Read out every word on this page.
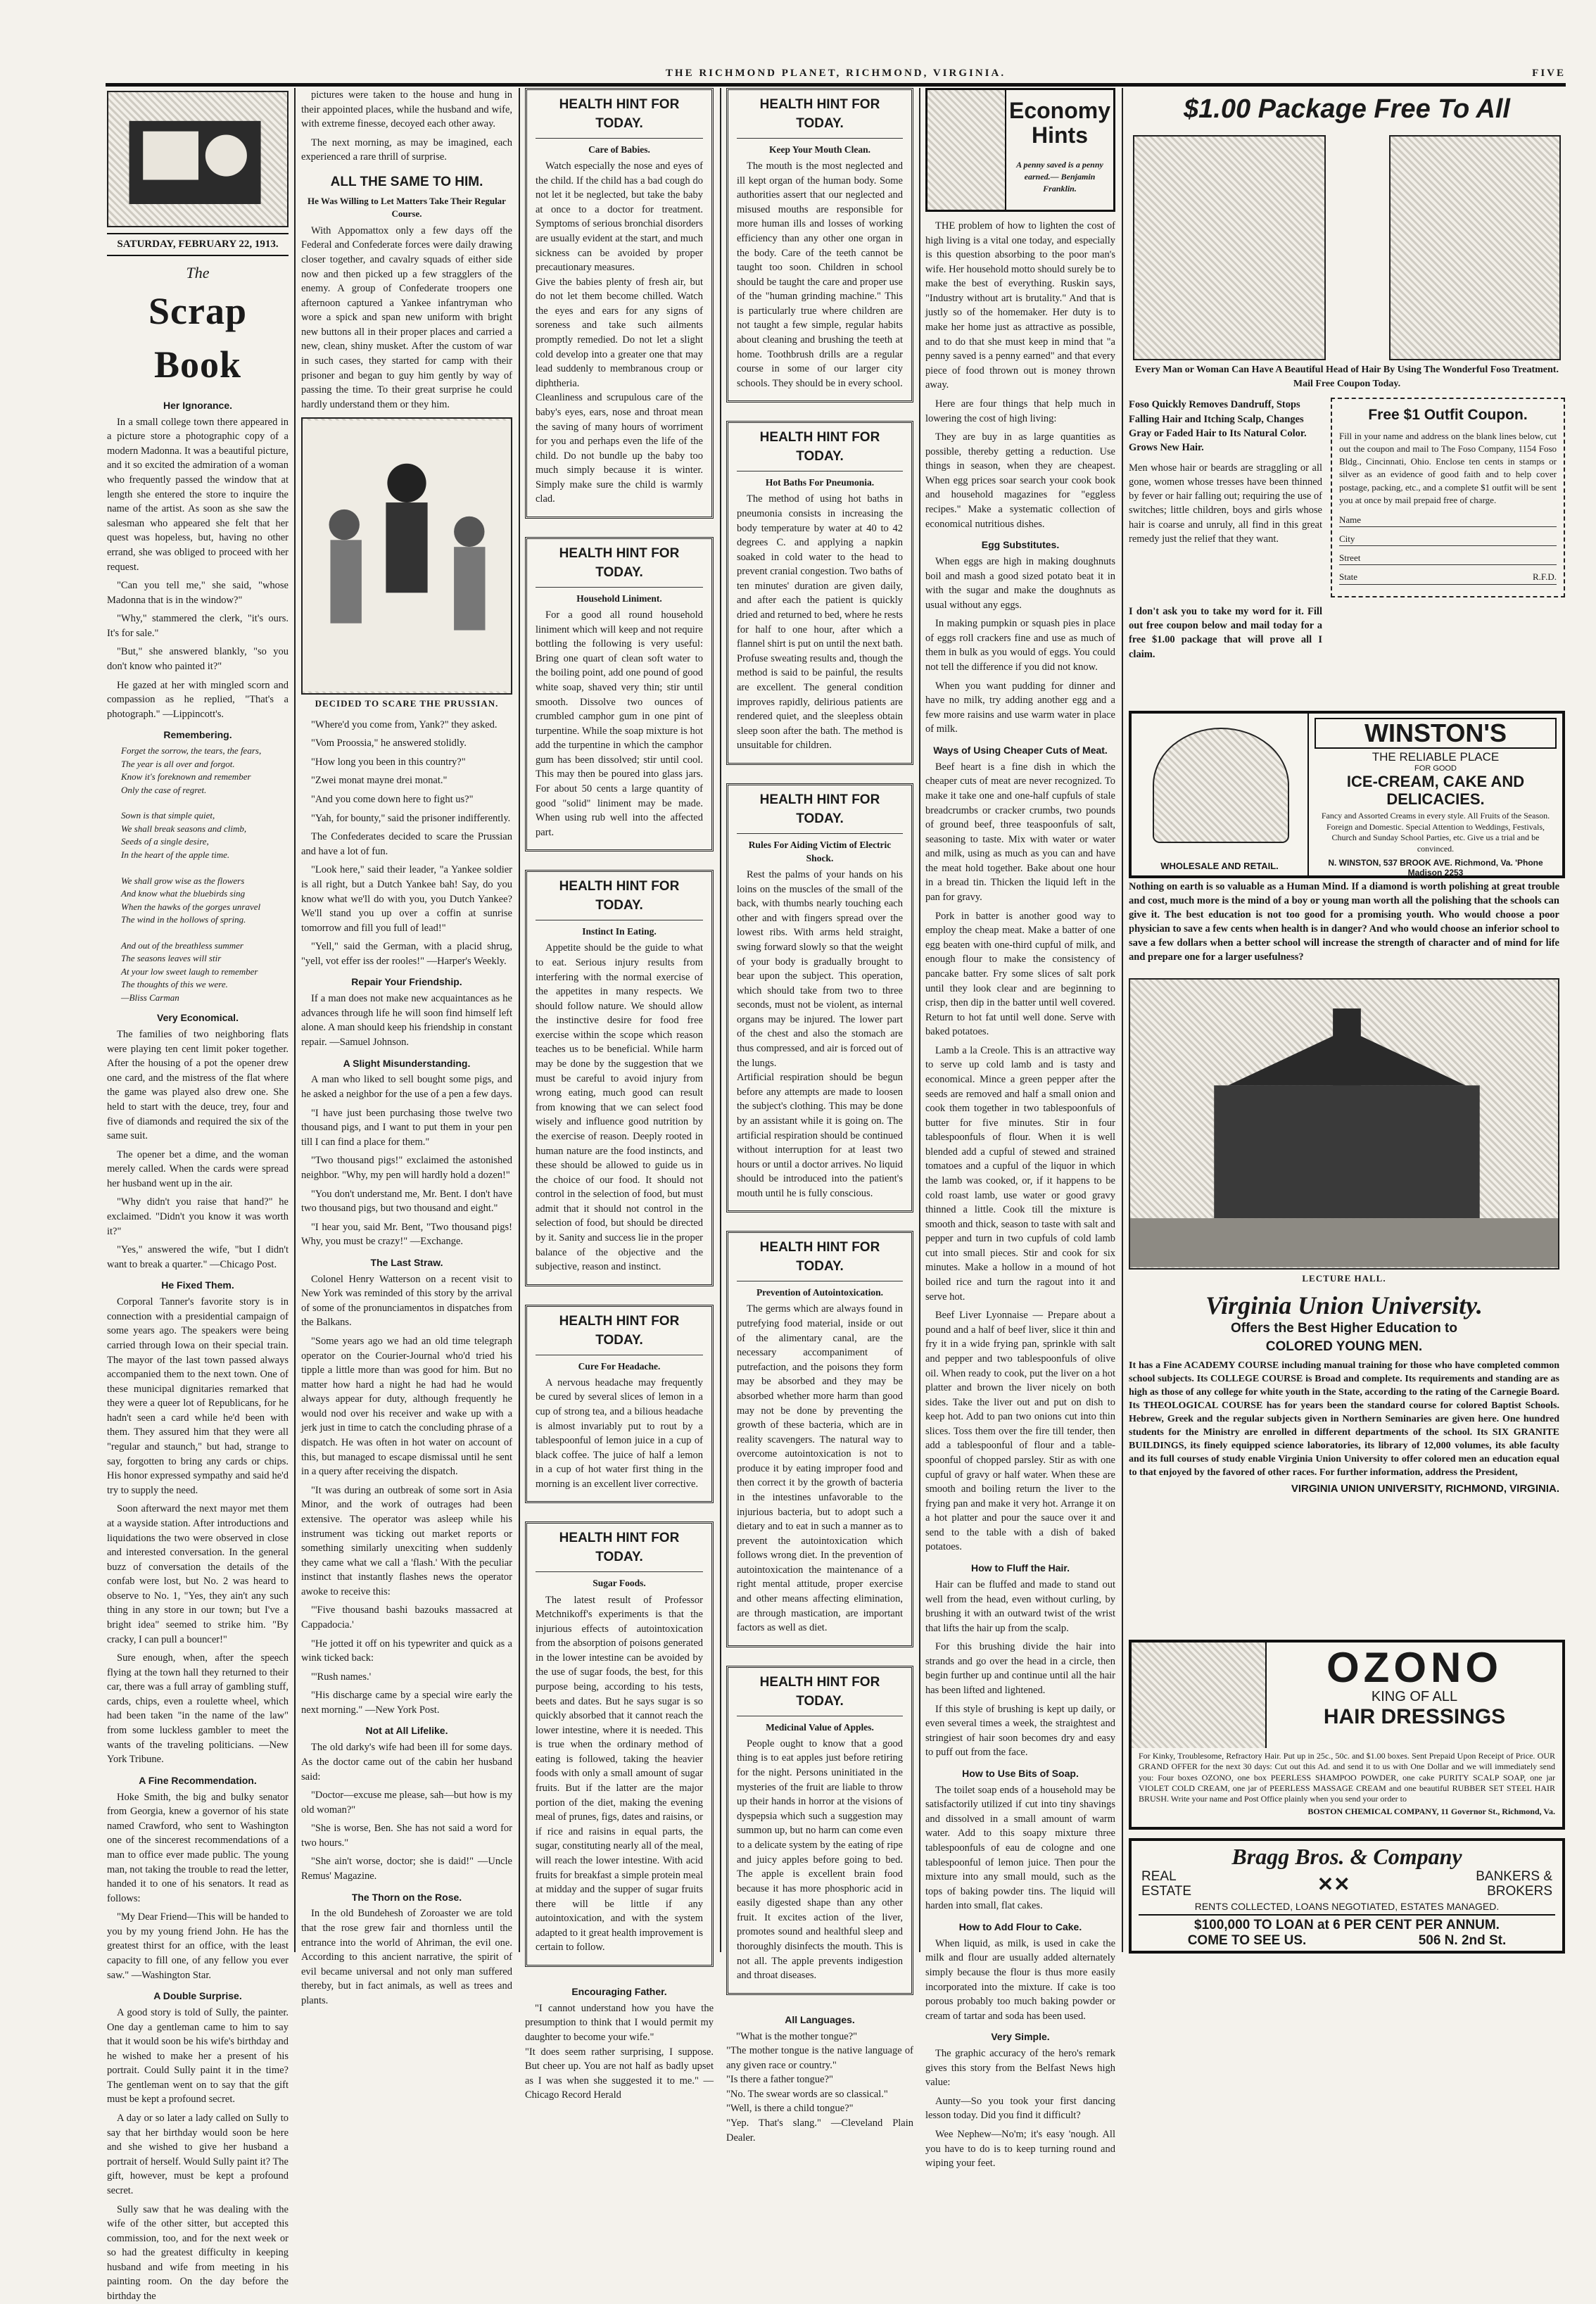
THE RICHMOND PLANET, RICHMOND, VIRGINIA.	FIVE
SATURDAY, FEBRUARY 22, 1913.
The
Scrap Book
Her Ignorance.

In a small college town there appeared in a picture store a photographic copy of a modern Madonna. It was a beautiful picture, and it so excited the admiration of a woman who frequently passed the window that at length she entered the store to inquire the name of the artist. As soon as she saw the salesman who appeared she felt that her quest was hopeless, but, having no other errand, she was obliged to proceed with her request.

"Can you tell me," she said, "whose Madonna that is in the window?"

"Why," stammered the clerk, "it's ours. It's for sale."

"But," she answered blankly, "so you don't know who painted it?"

He gazed at her with mingled scorn and compassion as he replied, "That's a photograph." —Lippincott's.

Remembering.

Forget the sorrow, the tears, the fears,
The year is all over and forgot.
Know it's foreknown and remember
Only the case of regret.

Sown is that simple quiet,
We shall break seasons and climb,
Seeds of a single desire,
In the heart of the apple time.

We shall grow wise as the flowers
And know what the bluebirds sing
When the hawks of the gorges unravel
The wind in the hollows of spring.

And out of the breathless summer
The seasons leaves will stir
At your low sweet laugh to remember
The thoughts of this we were.
—Bliss Carman

Very Economical.

The families of two neighboring flats were playing ten cent limit poker together. After the housing of a pot the opener drew one card, and the mistress of the flat where the game was played also drew one. She held to start with the deuce, trey, four and five of diamonds and required the six of the same suit.

The opener bet a dime, and the woman merely called. When the cards were spread her husband went up in the air.

"Why didn't you raise that hand?" he exclaimed. "Didn't you know it was worth it?"

"Yes," answered the wife, "but I didn't want to break a quarter." —Chicago Post.

He Fixed Them.

Corporal Tanner's favorite story is in connection with a presidential campaign of some years ago. The speakers were being carried through Iowa on their special train. The mayor of the last town passed always accompanied them to the next town. One of these municipal dignitaries remarked that they were a queer lot of Republicans, for he hadn't seen a card while he'd been with them. They assured him that they were all "regular and staunch," but had, strange to say, forgotten to bring any cards or chips. His honor expressed sympathy and said he'd try to supply the need.

Soon afterward the next mayor met them at a wayside station. After introductions and liquidations the two were observed in close and interested conversation. In the general buzz of conversation the details of the confab were lost, but No. 2 was heard to observe to No. 1, "Yes, they ain't any such thing in any store in our town; but I've a bright idea" seemed to strike him. "By cracky, I can pull a bouncer!"

Sure enough, when, after the speech flying at the town hall they returned to their car, there was a full array of gambling stuff, cards, chips, even a roulette wheel, which had been taken "in the name of the law" from some luckless gambler to meet the wants of the traveling politicians. —New York Tribune.

A Fine Recommendation.

Hoke Smith, the big and bulky senator from Georgia, knew a governor of his state named Crawford, who sent to Washington one of the sincerest recommendations of a man to office ever made public. The young man, not taking the trouble to read the letter, handed it to one of his senators. It read as follows:

"My Dear Friend—This will be handed to you by my young friend John. He has the greatest thirst for an office, with the least capacity to fill one, of any fellow you ever saw." —Washington Star.

A Double Surprise.

A good story is told of Sully, the painter. One day a gentleman came to him to say that it would soon be his wife's birthday and he wished to make her a present of his portrait. Could Sully paint it in the time? The gentleman went on to say that the gift must be kept a profound secret.

A day or so later a lady called on Sully to say that her birthday would soon be here and she wished to give her husband a portrait of herself. Would Sully paint it? The gift, however, must be kept a profound secret.

Sully saw that he was dealing with the wife of the other sitter, but accepted this commission, too, and for the next week or so had the greatest difficulty in keeping husband and wife from meeting in his painting room. On the day before the birthday the

pictures were taken to the house and hung in their appointed places, while the husband and wife, with extreme finesse, decoyed each other away.

The next morning, as may be imagined, each experienced a rare thrill of surprise.

ALL THE SAME TO HIM.
He Was Willing to Let Matters Take Their Regular Course.

With Appomattox only a few days off the Federal and Confederate forces were daily drawing closer together, and cavalry squads of either side now and then picked up a few stragglers of the enemy. A group of Confederate troopers one afternoon captured a Yankee infantryman who wore a spick and span new uniform with bright new buttons all in their proper places and carried a new, clean, shiny musket. After the custom of war in such cases, they started for camp with their prisoner and began to guy him gently by way of passing the time. To their great surprise he could hardly understand them or they him.

DECIDED TO SCARE THE PRUSSIAN.

"Where'd you come from, Yank?" they asked.

"Vom Proossia," he answered stolidly.

"How long you been in this country?"

"Zwei monat mayne drei monat."

"And you come down here to fight us?"

"Yah, for bounty," said the prisoner indifferently.

The Confederates decided to scare the Prussian and have a lot of fun.

"Look here," said their leader, "a Yankee soldier is all right, but a Dutch Yankee bah! Say, do you know what we'll do with you, you Dutch Yankee? We'll stand you up over a coffin at sunrise tomorrow and fill you full of lead!"

"Yell," said the German, with a placid shrug, "yell, vot effer iss der rooles!" —Harper's Weekly.

Repair Your Friendship.

If a man does not make new acquaintances as he advances through life he will soon find himself left alone. A man should keep his friendship in constant repair. —Samuel Johnson.

A Slight Misunderstanding.

A man who liked to sell bought some pigs, and he asked a neighbor for the use of a pen a few days.

"I have just been purchasing those twelve two thousand pigs, and I want to put them in your pen till I can find a place for them."

"Two thousand pigs!" exclaimed the astonished neighbor. "Why, my pen will hardly hold a dozen!"

"You don't understand me, Mr. Bent. I don't have two thousand pigs, but two thousand and eight."

"I hear you, said Mr. Bent, "Two thousand pigs! Why, you must be crazy!" —Exchange.

The Last Straw.

Colonel Henry Watterson on a recent visit to New York was reminded of this story by the arrival of some of the pronunciamentos in dispatches from the Balkans.

"Some years ago we had an old time telegraph operator on the Courier-Journal who'd tried his tipple a little more than was good for him. But no matter how hard a night he had had he would always appear for duty, although frequently he would nod over his receiver and wake up with a jerk just in time to catch the concluding phrase of a dispatch. He was often in hot water on account of this, but managed to escape dismissal until he sent in a query after receiving the dispatch.

"It was during an outbreak of some sort in Asia Minor, and the work of outrages had been extensive. The operator was asleep while his instrument was ticking out market reports or something similarly unexciting when suddenly they came what we call a 'flash.' With the peculiar instinct that instantly flashes news the operator awoke to receive this:

"'Five thousand bashi bazouks massacred at Cappadocia.'

"He jotted it off on his typewriter and quick as a wink ticked back:

"'Rush names.'

"His discharge came by a special wire early the next morning." —New York Post.

Not at All Lifelike.

The old darky's wife had been ill for some days. As the doctor came out of the cabin her husband said:

"Doctor—excuse me please, sah—but how is my old woman?"

"She is worse, Ben. She has not said a word for two hours."

"She ain't worse, doctor; she is daid!" —Uncle Remus' Magazine.

The Thorn on the Rose.

In the old Bundehesh of Zoroaster we are told that the rose grew fair and thornless until the entrance into the world of Ahriman, the evil one. According to this ancient narrative, the spirit of evil became universal and not only man suffered thereby, but in fact animals, as well as trees and plants.

HEALTH HINT FOR TODAY.
Care of Babies.

Watch especially the nose and eyes of the child. If the child has a bad cough do not let it be neglected, but take the baby at once to a doctor for treatment. Symptoms of serious bronchial disorders are usually evident at the start, and much sickness can be avoided by proper precautionary measures.
Give the babies plenty of fresh air, but do not let them become chilled. Watch the eyes and ears for any signs of soreness and take such ailments promptly remedied. Do not let a slight cold develop into a greater one that may lead suddenly to membranous croup or diphtheria.
Cleanliness and scrupulous care of the baby's eyes, ears, nose and throat mean the saving of many hours of worriment for you and perhaps even the life of the child. Do not bundle up the baby too much simply because it is winter. Simply make sure the child is warmly clad.

HEALTH HINT FOR TODAY.
Household Liniment.

For a good all round household liniment which will keep and not require bottling the following is very useful: Bring one quart of clean soft water to the boiling point, add one pound of good white soap, shaved very thin; stir until smooth. Dissolve two ounces of crumbled camphor gum in one pint of turpentine. While the soap mixture is hot add the turpentine in which the camphor gum has been dissolved; stir until cool. This may then be poured into glass jars. For about 50 cents a large quantity of good "solid" liniment may be made. When using rub well into the affected part.

HEALTH HINT FOR TODAY.
Instinct In Eating.

Appetite should be the guide to what to eat. Serious injury results from interfering with the normal exercise of the appetites in many respects. We should follow nature. We should allow the instinctive desire for food free exercise within the scope which reason teaches us to be beneficial. While harm may be done by the suggestion that we must be careful to avoid injury from wrong eating, much good can result from knowing that we can select food wisely and influence good nutrition by the exercise of reason. Deeply rooted in human nature are the food instincts, and these should be allowed to guide us in the choice of our food. It should not control in the selection of food, but must admit that it should not control in the selection of food, but should be directed by it. Sanity and success lie in the proper balance of the objective and the subjective, reason and instinct.

HEALTH HINT FOR TODAY.
Cure For Headache.

A nervous headache may frequently be cured by several slices of lemon in a cup of strong tea, and a bilious headache is almost invariably put to rout by a tablespoonful of lemon juice in a cup of black coffee. The juice of half a lemon in a cup of hot water first thing in the morning is an excellent liver corrective.

HEALTH HINT FOR TODAY.
Sugar Foods.

The latest result of Professor Metchnikoff's experiments is that the injurious effects of autointoxication from the absorption of poisons generated in the lower intestine can be avoided by the use of sugar foods, the best, for this purpose being, according to his tests, beets and dates. But he says sugar is so quickly absorbed that it cannot reach the lower intestine, where it is needed. This is true when the ordinary method of eating is followed, taking the heavier foods with only a small amount of sugar fruits. But if the latter are the major portion of the diet, making the evening meal of prunes, figs, dates and raisins, or if rice and raisins in equal parts, the sugar, constituting nearly all of the meal, will reach the lower intestine. With acid fruits for breakfast a simple protein meal at midday and the supper of sugar fruits there will be little if any autointoxication, and with the system adapted to it great health improvement is certain to follow.

Encouraging Father.

"I cannot understand how you have the presumption to think that I would permit my daughter to become your wife."
"It does seem rather surprising, I suppose. But cheer up. You are not half as badly upset as I was when she suggested it to me." —Chicago Record Herald

HEALTH HINT FOR TODAY.
Keep Your Mouth Clean.

The mouth is the most neglected and ill kept organ of the human body. Some authorities assert that our neglected and misused mouths are responsible for more human ills and losses of working efficiency than any other one organ in the body. Care of the teeth cannot be taught too soon. Children in school should be taught the care and proper use of the "human grinding machine." This is particularly true where children are not taught a few simple, regular habits about cleaning and brushing the teeth at home. Toothbrush drills are a regular course in some of our larger city schools. They should be in every school.

HEALTH HINT FOR TODAY.
Hot Baths For Pneumonia.

The method of using hot baths in pneumonia consists in increasing the body temperature by water at 40 to 42 degrees C. and applying a napkin soaked in cold water to the head to prevent cranial congestion. Two baths of ten minutes' duration are given daily, and after each the patient is quickly dried and returned to bed, where he rests for half to one hour, after which a flannel shirt is put on until the next bath. Profuse sweating results and, though the method is said to be painful, the results are excellent. The general condition improves rapidly, delirious patients are rendered quiet, and the sleepless obtain sleep soon after the bath. The method is unsuitable for children.

HEALTH HINT FOR TODAY.
Rules For Aiding Victim of Electric Shock.

Rest the palms of your hands on his loins on the muscles of the small of the back, with thumbs nearly touching each other and with fingers spread over the lowest ribs. With arms held straight, swing forward slowly so that the weight of your body is gradually brought to bear upon the subject. This operation, which should take from two to three seconds, must not be violent, as internal organs may be injured. The lower part of the chest and also the stomach are thus compressed, and air is forced out of the lungs.
Artificial respiration should be begun before any attempts are made to loosen the subject's clothing. This may be done by an assistant while it is going on. The artificial respiration should be continued without interruption for at least two hours or until a doctor arrives. No liquid should be introduced into the patient's mouth until he is fully conscious.

HEALTH HINT FOR TODAY.
Prevention of Autointoxication.

The germs which are always found in putrefying food material, inside or out of the alimentary canal, are the necessary accompaniment of putrefaction, and the poisons they form may be absorbed and they may be absorbed whether more harm than good may not be done by preventing the growth of these bacteria, which are in reality scavengers. The natural way to overcome autointoxication is not to produce it by eating improper food and then correct it by the growth of bacteria in the intestines unfavorable to the injurious bacteria, but to adopt such a dietary and to eat in such a manner as to prevent the autointoxication which follows wrong diet. In the prevention of autointoxication the maintenance of a right mental attitude, proper exercise and other means affecting elimination, are through mastication, are important factors as well as diet.

HEALTH HINT FOR TODAY.
Medicinal Value of Apples.

People ought to know that a good thing is to eat apples just before retiring for the night. Persons uninitiated in the mysteries of the fruit are liable to throw up their hands in horror at the visions of dyspepsia which such a suggestion may summon up, but no harm can come even to a delicate system by the eating of ripe and juicy apples before going to bed. The apple is excellent brain food because it has more phosphoric acid in easily digested shape than any other fruit. It excites action of the liver, promotes sound and healthful sleep and thoroughly disinfects the mouth. This is not all. The apple prevents indigestion and throat diseases.

All Languages.

"What is the mother tongue?"
"The mother tongue is the native language of any given race or country."
"Is there a father tongue?"
"No. The swear words are so classical."
"Well, is there a child tongue?"
"Yep. That's slang." —Cleveland Plain Dealer.

Economy
Hints
A penny saved is a penny earned.— Benjamin Franklin.

THE problem of how to lighten the cost of high living is a vital one today, and especially is this question absorbing to the poor man's wife. Her household motto should surely be to make the best of everything. Ruskin says, "Industry without art is brutality." And that is justly so of the homemaker. Her duty is to make her home just as attractive as possible, and to do that she must keep in mind that "a penny saved is a penny earned" and that every piece of food thrown out is money thrown away.

Here are four things that help much in lowering the cost of high living:

They are buy in as large quantities as possible, thereby getting a reduction. Use things in season, when they are cheapest. When egg prices soar search your cook book and household magazines for "eggless recipes." Make a systematic collection of economical nutritious dishes.

Egg Substitutes.

When eggs are high in making doughnuts boil and mash a good sized potato beat it in with the sugar and make the doughnuts as usual without any eggs.

In making pumpkin or squash pies in place of eggs roll crackers fine and use as much of them in bulk as you would of eggs. You could not tell the difference if you did not know.

When you want pudding for dinner and have no milk, try adding another egg and a few more raisins and use warm water in place of milk.

Ways of Using Cheaper Cuts of Meat.

Beef heart is a fine dish in which the cheaper cuts of meat are never recognized. To make it take one and one-half cupfuls of stale breadcrumbs or cracker crumbs, two pounds of ground beef, three teaspoonfuls of salt, seasoning to taste. Mix with water or water and milk, using as much as you can and have the meat hold together. Bake about one hour in a bread tin. Thicken the liquid left in the pan for gravy.

Pork in batter is another good way to employ the cheap meat. Make a batter of one egg beaten with one-third cupful of milk, and enough flour to make the consistency of pancake batter. Fry some slices of salt pork until they look clear and are beginning to crisp, then dip in the batter until well covered. Return to hot fat until well done. Serve with baked potatoes.

Lamb a la Creole. This is an attractive way to serve up cold lamb and is tasty and economical. Mince a green pepper after the seeds are removed and half a small onion and cook them together in two tablespoonfuls of butter for five minutes. Stir in four tablespoonfuls of flour. When it is well blended add a cupful of stewed and strained tomatoes and a cupful of the liquor in which the lamb was cooked, or, if it happens to be cold roast lamb, use water or good gravy thinned a little. Cook till the mixture is smooth and thick, season to taste with salt and pepper and turn in two cupfuls of cold lamb cut into small pieces. Stir and cook for six minutes. Make a hollow in a mound of hot boiled rice and turn the ragout into it and serve hot.

Beef Liver Lyonnaise — Prepare about a pound and a half of beef liver, slice it thin and fry it in a wide frying pan, sprinkle with salt and pepper and two tablespoonfuls of olive oil. When ready to cook, put the liver on a hot platter and brown the liver nicely on both sides. Take the liver out and put on dish to keep hot. Add to pan two onions cut into thin slices. Toss them over the fire till tender, then add a tablespoonful of flour and a table-spoonful of chopped parsley. Stir as with one cupful of gravy or half water. When these are smooth and boiling return the liver to the frying pan and make it very hot. Arrange it on a hot platter and pour the sauce over it and send to the table with a dish of baked potatoes.

How to Fluff the Hair.

Hair can be fluffed and made to stand out well from the head, even without curling, by brushing it with an outward twist of the wrist that lifts the hair up from the scalp.

For this brushing divide the hair into strands and go over the head in a circle, then begin further up and continue until all the hair has been lifted and lightened.

If this style of brushing is kept up daily, or even several times a week, the straightest and stringiest of hair soon becomes dry and easy to puff out from the face.

How to Use Bits of Soap.

The toilet soap ends of a household may be satisfactorily utilized if cut into tiny shavings and dissolved in a small amount of warm water. Add to this soapy mixture three tablespoonfuls of eau de cologne and one tablespoonful of lemon juice. Then pour the mixture into any small mould, such as the tops of baking powder tins. The liquid will harden into small, flat cakes.

How to Add Flour to Cake.

When liquid, as milk, is used in cake the milk and flour are usually added alternately simply because the flour is thus more easily incorporated into the mixture. If cake is too porous probably too much baking powder or cream of tartar and soda has been used.

Very Simple.

The graphic accuracy of the hero's remark gives this story from the Belfast News high value:

Aunty—So you took your first dancing lesson today. Did you find it difficult?

Wee Nephew—No'm; it's easy 'nough. All you have to do is to keep turning round and wiping your feet.

$1.00 Package Free To All
Every Man or Woman Can Have A Beautiful Head of Hair By Using The Wonderful Foso Treatment. Mail Free Coupon Today.

Foso Quickly Removes Dandruff, Stops Falling Hair and Itching Scalp, Changes Gray or Faded Hair to Its Natural Color. Grows New Hair.

Men whose hair or beards are straggling or all gone, women whose tresses have been thinned by fever or hair falling out; requiring the use of switches; little children, boys and girls whose hair is coarse and unruly, all find in this great remedy just the relief that they want.

Free $1 Outfit Coupon.

Fill in your name and address on the blank lines below, cut out the coupon and mail to The Foso Company, 1154 Foso Bldg., Cincinnati, Ohio. Enclose ten cents in stamps or silver as an evidence of good faith and to help cover postage, packing, etc., and a complete $1 outfit will be sent you at once by mail prepaid free of charge.

Name
City
Street
State	R.F.D.

I don't ask you to take my word for it. Fill out free coupon below and mail today for a free $1.00 package that will prove all I claim.

WHOLESALE AND RETAIL.
WINSTON'S
THE RELIABLE PLACE
FOR GOOD
ICE-CREAM, CAKE AND DELICACIES.
Fancy and Assorted Creams in every style. All Fruits of the Season. Foreign and Domestic. Special Attention to Weddings, Festivals, Church and Sunday School Parties, etc. Give us a trial and be convinced.
N. WINSTON, 537 BROOK AVE. Richmond, Va. 'Phone Madison 2253
Nothing on earth is so valuable as a Human Mind. If a diamond is worth polishing at great trouble and cost, much more is the mind of a boy or young man worth all the polishing that the schools can give it. The best education is not too good for a promising youth. Who would choose a poor physician to save a few cents when health is in danger? And who would choose an inferior school to save a few dollars when a better school will increase the strength of character and of mind for life and prepare one for a larger usefulness?
LECTURE HALL.
Virginia Union University.
Offers the Best Higher Education to
COLORED YOUNG MEN.

It has a Fine ACADEMY COURSE including manual training for those who have completed common school subjects. Its COLLEGE COURSE is Broad and complete. Its requirements and standing are as high as those of any college for white youth in the State, according to the rating of the Carnegie Board. Its THEOLOGICAL COURSE has for years been the standard course for colored Baptist Schools. Hebrew, Greek and the regular subjects given in Northern Seminaries are given here. One hundred students for the Ministry are enrolled in different departments of the school. Its SIX GRANITE BUILDINGS, its finely equipped science laboratories, its library of 12,000 volumes, its able faculty and its full courses of study enable Virginia Union University to offer colored men an education equal to that enjoyed by the favored of other races. For further information, address the President,

VIRGINIA UNION UNIVERSITY, RICHMOND, VIRGINIA.
OZONO
KING OF ALL
HAIR DRESSINGS

For Kinky, Troublesome, Refractory Hair. Put up in 25c., 50c. and $1.00 boxes. Sent Prepaid Upon Receipt of Price. OUR GRAND OFFER for the next 30 days: Cut out this Ad. and send it to us with One Dollar and we will immediately send you: Four boxes OZONO, one box PEERLESS SHAMPOO POWDER, one cake PURITY SCALP SOAP, one jar VIOLET COLD CREAM, one jar of PEERLESS MASSAGE CREAM and one beautiful RUBBER SET STEEL HAIR BRUSH. Write your name and Post Office plainly when you send your order to

BOSTON CHEMICAL COMPANY, 11 Governor St., Richmond, Va.
Bragg Bros. & Company
REAL
ESTATE	✕✕	BANKERS &
BROKERS
RENTS COLLECTED, LOANS NEGOTIATED, ESTATES MANAGED.
$100,000 TO LOAN at 6 PER CENT PER ANNUM.
COME TO SEE US.	506 N. 2nd St.
